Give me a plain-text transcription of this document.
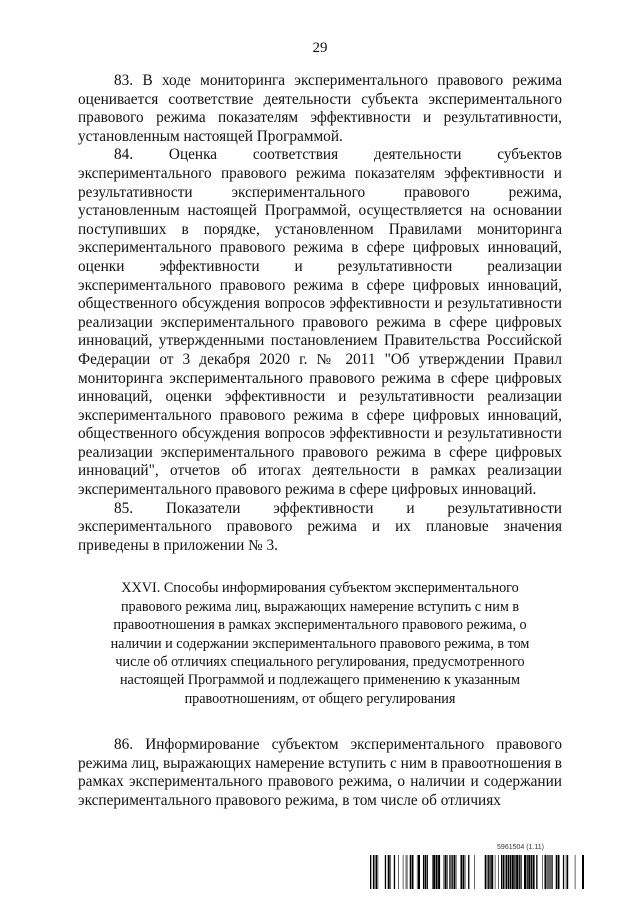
29

83. В ходе мониторинга экспериментального правового режима оценивается соответствие деятельности субъекта экспериментального правового режима показателям эффективности и результативности, установленным настоящей Программой.

84. Оценка соответствия деятельности субъектов экспериментального правового режима показателям эффективности и результативности экспериментального правового режима, установленным настоящей Программой, осуществляется на основании поступивших в порядке, установленном Правилами мониторинга экспериментального правового режима в сфере цифровых инноваций, оценки эффективности и результативности реализации экспериментального правового режима в сфере цифровых инноваций, общественного обсуждения вопросов эффективности и результативности реализации экспериментального правового режима в сфере цифровых инноваций, утвержденными постановлением Правительства Российской Федерации от 3 декабря 2020 г. № 2011 "Об утверждении Правил мониторинга экспериментального правового режима в сфере цифровых инноваций, оценки эффективности и результативности реализации экспериментального правового режима в сфере цифровых инноваций, общественного обсуждения вопросов эффективности и результативности реализации экспериментального правового режима в сфере цифровых инноваций", отчетов об итогах деятельности в рамках реализации экспериментального правового режима в сфере цифровых инноваций.

85. Показатели эффективности и результативности экспериментального правового режима и их плановые значения приведены в приложении № 3.

XXVI. Способы информирования субъектом экспериментального правового режима лиц, выражающих намерение вступить с ним в правоотношения в рамках экспериментального правового режима, о наличии и содержании экспериментального правового режима, в том числе об отличиях специального регулирования, предусмотренного настоящей Программой и подлежащего применению к указанным правоотношениям, от общего регулирования

86. Информирование субъектом экспериментального правового режима лиц, выражающих намерение вступить с ним в правоотношения в рамках экспериментального правового режима, о наличии и содержании экспериментального правового режима, в том числе об отличиях

5961504 (1.11)
